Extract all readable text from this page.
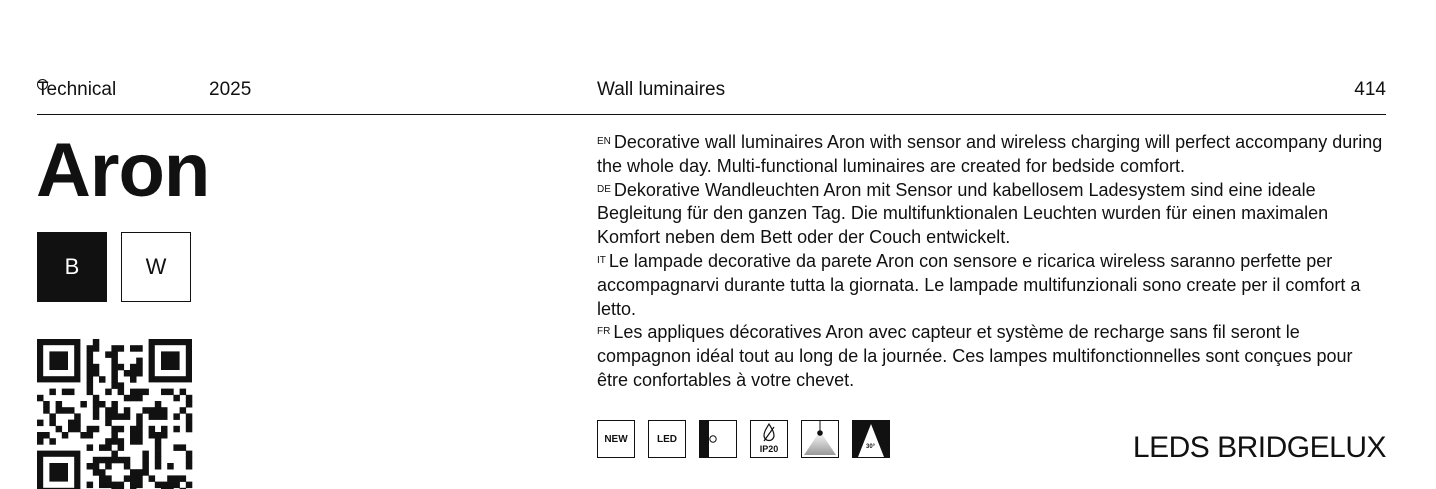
Technical	2025	Wall luminaires	414
Aron
B	W

$^{EN}$ Decorative wall luminaires Aron with sensor and wireless charging will perfect accompany during the whole day. Multi-functional luminaires are created for bedside comfort.

$^{DE}$ Dekorative Wandleuchten Aron mit Sensor und kabellosem Ladesystem sind eine ideale Begleitung für den ganzen Tag. Die multifunktionalen Leuchten wurden für einen maximalen Komfort neben dem Bett oder der Couch entwickelt.

$^{IT}$ Le lampade decorative da parete Aron con sensore e ricarica wireless saranno perfette per accompagnarvi durante tutta la giornata. Le lampade multifunzionali sono create per il comfort a letto.

$^{FR}$ Les appliques décoratives Aron avec capteur et système de recharge sans fil seront le compagnon idéal tout au long de la journée. Ces lampes multifonctionnelles sont conçues pour être confortables à votre chevet.

NEW	LED
IP20	30°	LEDS BRIDGELUX
